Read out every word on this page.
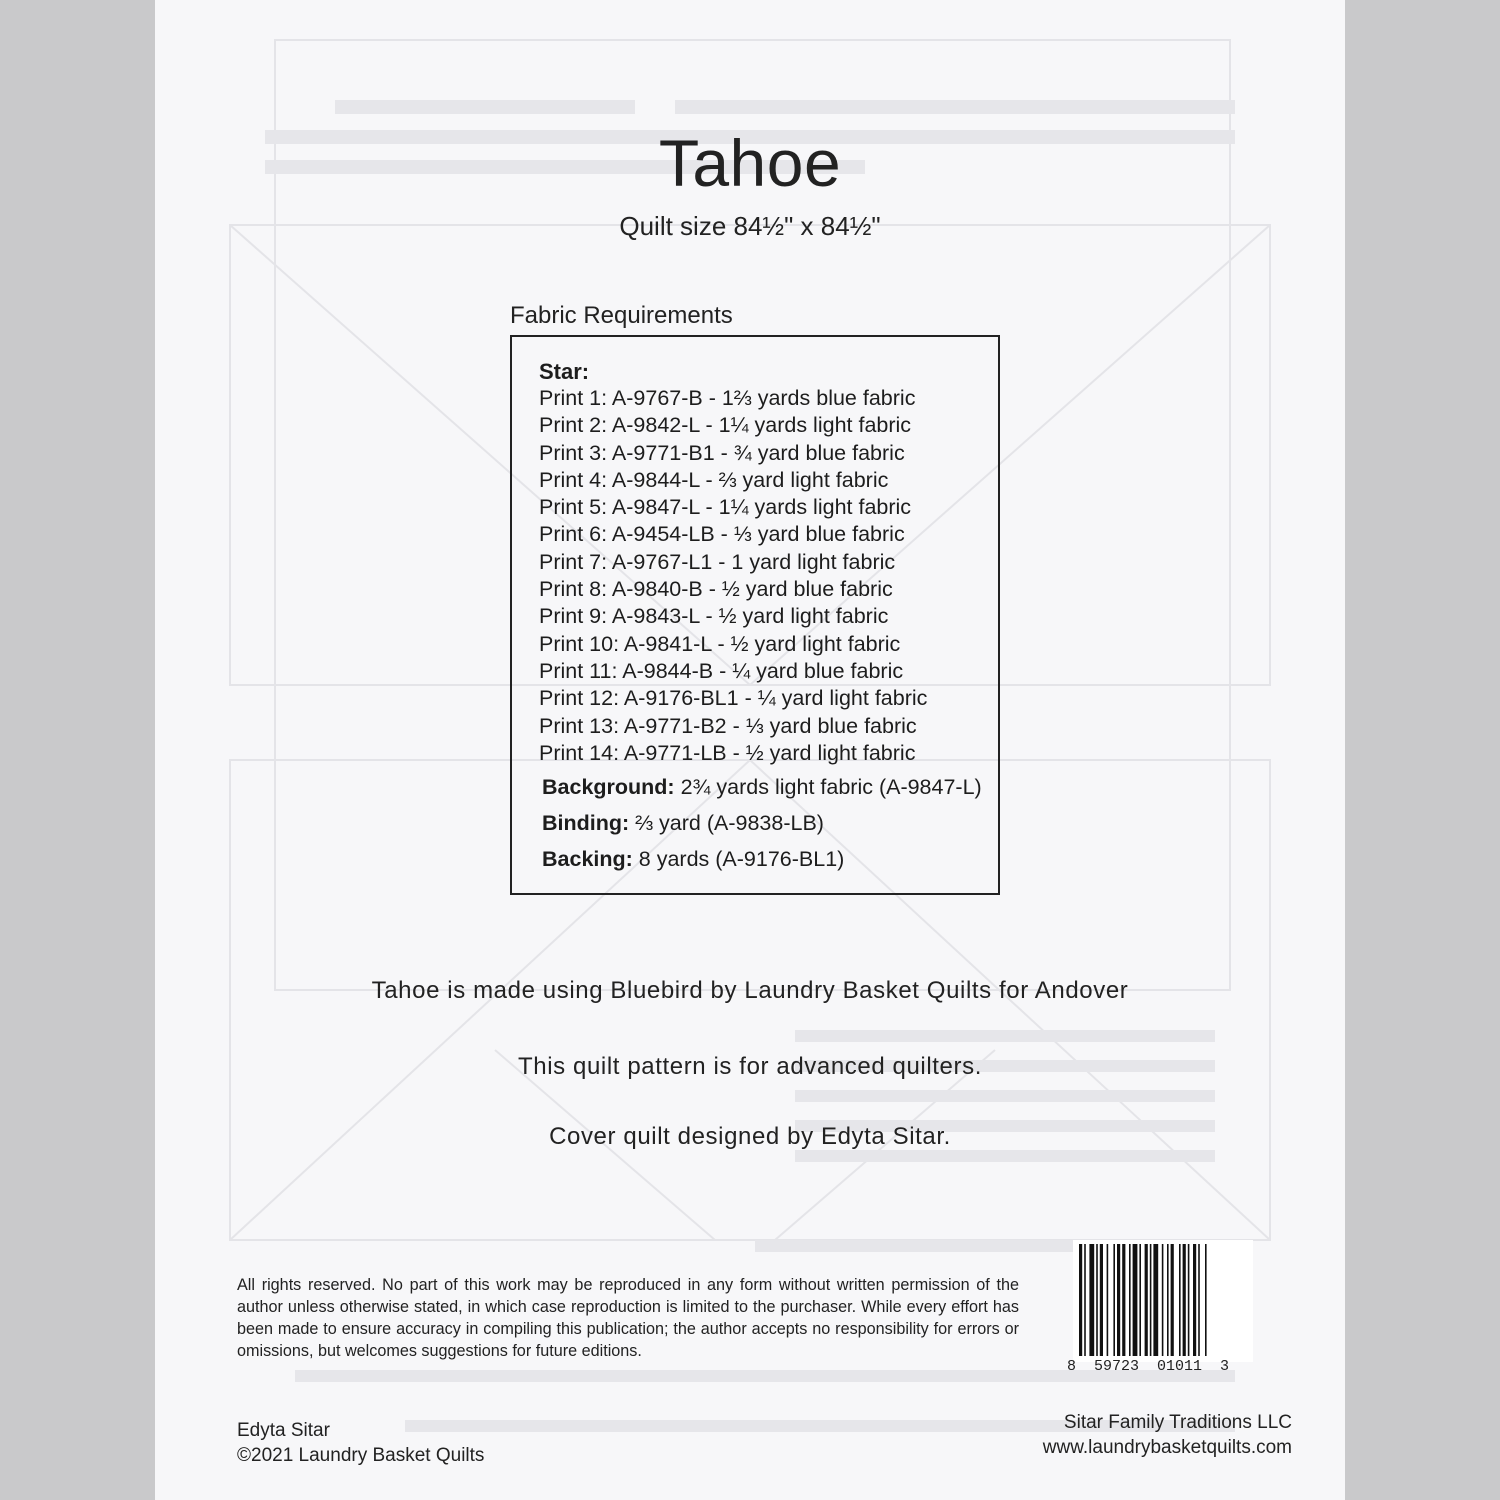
Tahoe
Quilt size 84½" x 84½"
Fabric Requirements
Star:
Print 1: A-9767-B - 1⅔ yards blue fabric
Print 2: A-9842-L - 1¼ yards light fabric
Print 3: A-9771-B1 - ¾ yard blue fabric
Print 4: A-9844-L - ⅔ yard light fabric
Print 5: A-9847-L - 1¼ yards light fabric
Print 6: A-9454-LB - ⅓ yard blue fabric
Print 7: A-9767-L1 - 1 yard light fabric
Print 8: A-9840-B - ½ yard blue fabric
Print 9: A-9843-L - ½ yard light fabric
Print 10: A-9841-L - ½ yard light fabric
Print 11: A-9844-B - ¼ yard blue fabric
Print 12: A-9176-BL1 - ¼ yard light fabric
Print 13: A-9771-B2 - ⅓ yard blue fabric
Print 14: A-9771-LB - ½ yard light fabric
Background: 2¾ yards light fabric (A-9847-L)
Binding: ⅔ yard (A-9838-LB)
Backing: 8 yards (A-9176-BL1)
Tahoe is made using Bluebird by Laundry Basket Quilts for Andover
This quilt pattern is for advanced quilters.
Cover quilt designed by Edyta Sitar.
All rights reserved. No part of this work may be reproduced in any form without written permission of the author unless otherwise stated, in which case reproduction is limited to the purchaser. While every effort has been made to ensure accuracy in compiling this publication; the author accepts no responsibility for errors or omissions, but welcomes suggestions for future editions.
8  59723  01011  3
Edyta Sitar
©2021 Laundry Basket Quilts
Sitar Family Traditions LLC
www.laundrybasketquilts.com
